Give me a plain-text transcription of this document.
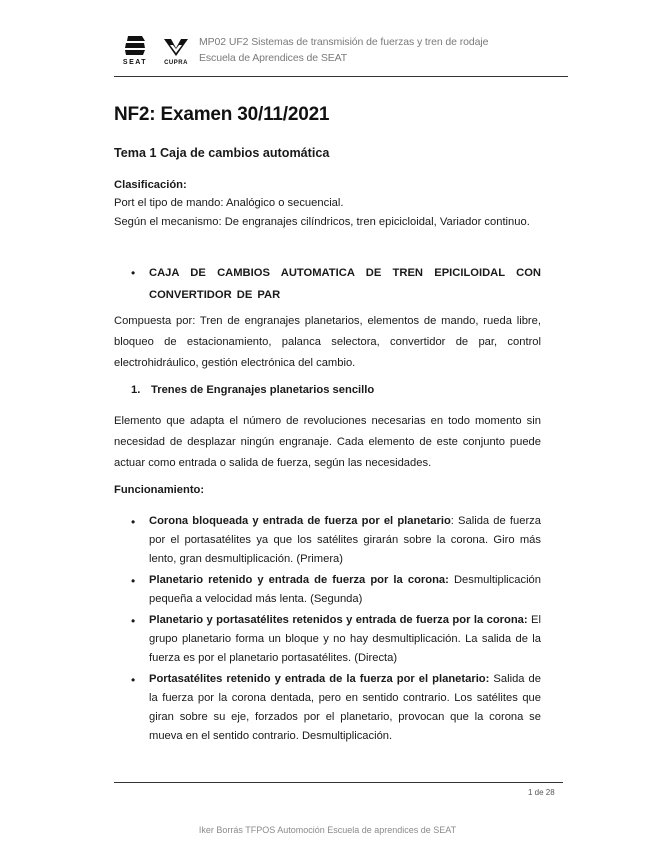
SEAT	CUPRA
MP02 UF2 Sistemas de transmisión de fuerzas y tren de rodaje
Escuela de Aprendices de SEAT
NF2: Examen 30/11/2021
Tema 1 Caja de cambios automática
Clasificación:
Port el tipo de mando: Analógico o secuencial.
Según el mecanismo: De engranajes cilíndricos, tren epicicloidal, Variador continuo.
• CAJA DE CAMBIOS AUTOMATICA DE TREN EPICILOIDAL CON CONVERTIDOR DE PAR
Compuesta por: Tren de engranajes planetarios, elementos de mando, rueda libre, bloqueo de estacionamiento, palanca selectora, convertidor de par, control electrohidráulico, gestión electrónica del cambio.
1. Trenes de Engranajes planetarios sencillo
Elemento que adapta el número de revoluciones necesarias en todo momento sin necesidad de desplazar ningún engranaje. Cada elemento de este conjunto puede actuar como entrada o salida de fuerza, según las necesidades.
Funcionamiento:
• Corona bloqueada y entrada de fuerza por el planetario: Salida de fuerza por el portasatélites ya que los satélites girarán sobre la corona. Giro más lento, gran desmultiplicación. (Primera)
• Planetario retenido y entrada de fuerza por la corona: Desmultiplicación pequeña a velocidad más lenta. (Segunda)
• Planetario y portasatélites retenidos y entrada de fuerza por la corona: El grupo planetario forma un bloque y no hay desmultiplicación. La salida de la fuerza es por el planetario portasatélites. (Directa)
• Portasatélites retenido y entrada de la fuerza por el planetario: Salida de la fuerza por la corona dentada, pero en sentido contrario. Los satélites que giran sobre su eje, forzados por el planetario, provocan que la corona se mueva en el sentido contrario. Desmultiplicación.
1 de 28
Iker Borrás TFPOS Automoción Escuela de aprendices de SEAT
